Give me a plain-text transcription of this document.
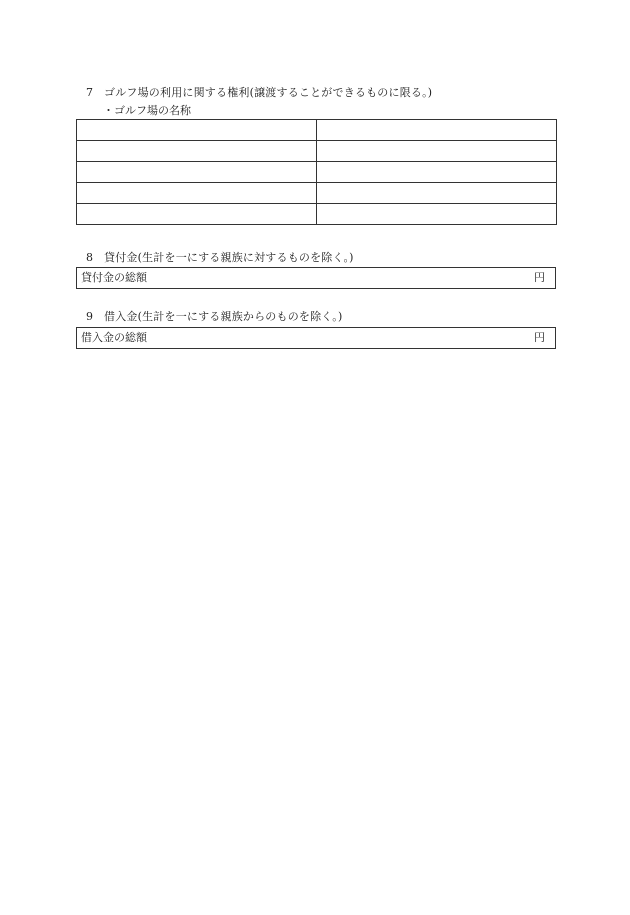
7 ゴルフ場の利用に関する権利(譲渡することができるものに限る。)
・ゴルフ場の名称

8 貸付金(生計を一にする親族に対するものを除く。)
貸付金の総額	円
9 借入金(生計を一にする親族からのものを除く。)
借入金の総額	円
